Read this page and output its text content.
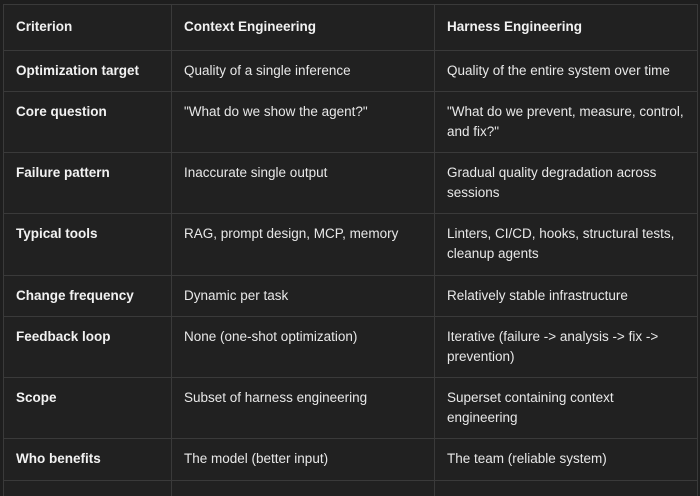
Criterion	Context Engineering	Harness Engineering
Optimization target	Quality of a single inference	Quality of the entire system over time
Core question	"What do we show the agent?"	"What do we prevent, measure, control, and fix?"
Failure pattern	Inaccurate single output	Gradual quality degradation across sessions
Typical tools	RAG, prompt design, MCP, memory	Linters, CI/CD, hooks, structural tests, cleanup agents
Change frequency	Dynamic per task	Relatively stable infrastructure
Feedback loop	None (one-shot optimization)	Iterative (failure -> analysis -> fix -> prevention)
Scope	Subset of harness engineering	Superset containing context engineering
Who benefits	The model (better input)	The team (reliable system)
